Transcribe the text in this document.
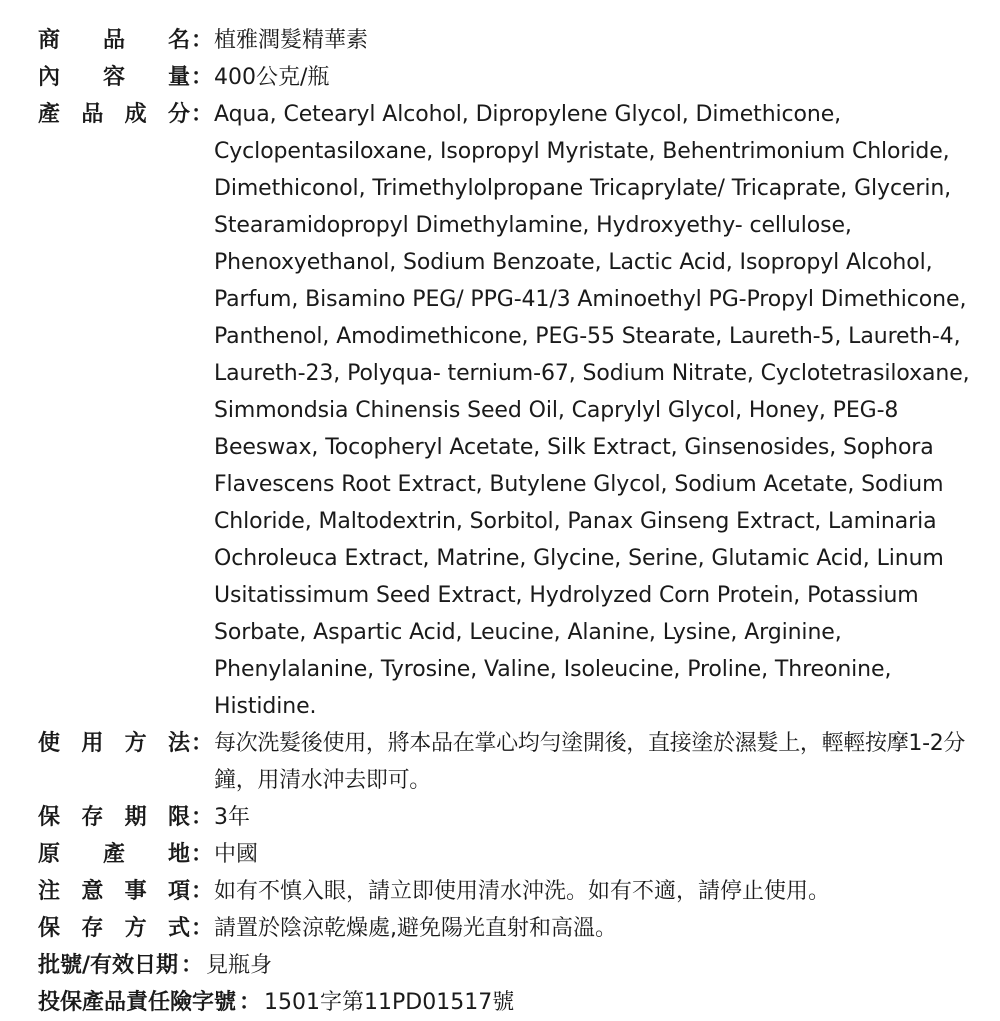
商品名 ： 植雅潤髮精華素
內容量 ： 400公克/瓶
產品成分 ： Aqua, Cetearyl Alcohol, Dipropylene Glycol, Dimethicone, Cyclopentasiloxane, Isopropyl Myristate, Behentrimonium Chloride, Dimethiconol, Trimethylolpropane Tricaprylate/ Tricaprate, Glycerin, Stearamidopropyl Dimethylamine, Hydroxyethy- cellulose, Phenoxyethanol, Sodium Benzoate, Lactic Acid, Isopropyl Alcohol, Parfum, Bisamino PEG/ PPG-41/3 Aminoethyl PG-Propyl Dimethicone, Panthenol, Amodimethicone, PEG-55 Stearate, Laureth-5, Laureth-4, Laureth-23, Polyqua- ternium-67, Sodium Nitrate, Cyclotetrasiloxane, Simmondsia Chinensis Seed Oil, Caprylyl Glycol, Honey, PEG-8 Beeswax, Tocopheryl Acetate, Silk Extract, Ginsenosides, Sophora Flavescens Root Extract, Butylene Glycol, Sodium Acetate, Sodium Chloride, Maltodextrin, Sorbitol, Panax Ginseng Extract, Laminaria Ochroleuca Extract, Matrine, Glycine, Serine, Glutamic Acid, Linum Usitatissimum Seed Extract, Hydrolyzed Corn Protein, Potassium Sorbate, Aspartic Acid, Leucine, Alanine, Lysine, Arginine, Phenylalanine, Tyrosine, Valine, Isoleucine, Proline, Threonine, Histidine.
使用方法 ： 每次洗髮後使用，將本品在掌心均勻塗開後，直接塗於濕髮上，輕輕按摩1-2分鐘，用清水沖去即可。
保存期限 ： 3年
原產地 ： 中國
注意事項 ： 如有不慎入眼，請立即使用清水沖洗。如有不適，請停止使用。
保存方式 ： 請置於陰涼乾燥處,避免陽光直射和高溫。
批號/有效日期 ： 見瓶身
投保產品責任險字號 ： 1501字第11PD01517號
